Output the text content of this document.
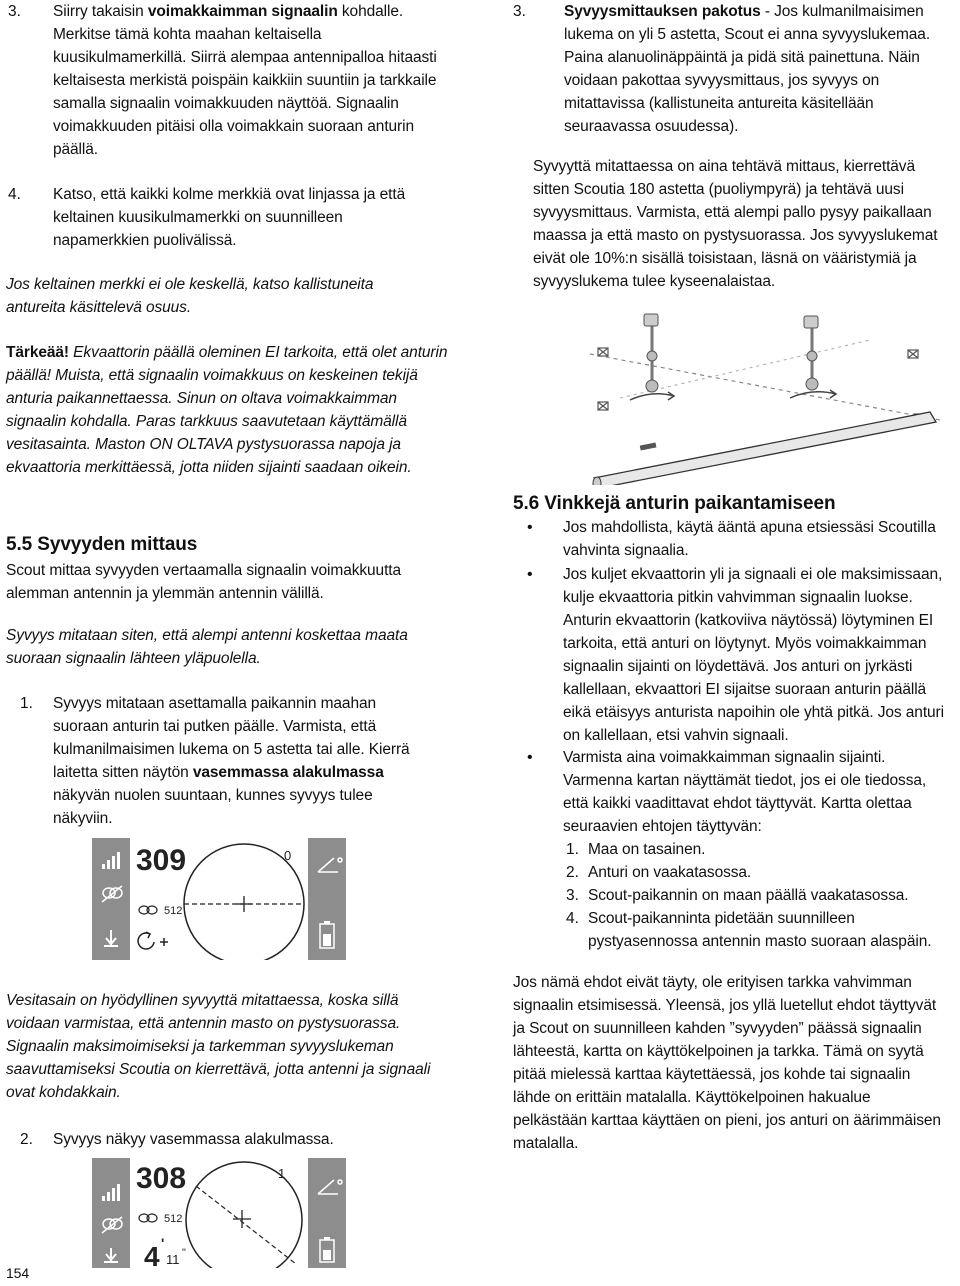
3. Siirry takaisin voimakkaimman signaalin kohdalle. Merkitse tämä kohta maahan keltaisella kuusikulmamerkillä. Siirrä alempaa antennipalloa hitaasti keltaisesta merkistä poispäin kaikkiin suuntiin ja tarkkaile samalla signaalin voimakkuuden näyttöä. Signaalin voimakkuuden pitäisi olla voimakkain suoraan anturin päällä.
4. Katso, että kaikki kolme merkkiä ovat linjassa ja että keltainen kuusikulmamerkki on suunnilleen napamerkkien puolivälissä.
Jos keltainen merkki ei ole keskellä, katso kallistuneita antureita käsittelevä osuus.
Tärkeää! Ekvaattorin päällä oleminen EI tarkoita, että olet anturin päällä! Muista, että signaalin voimakkuus on keskeinen tekijä anturia paikannettaessa. Sinun on oltava voimakkaimman signaalin kohdalla. Paras tarkkuus saavutetaan käyttämällä vesitasainta. Maston ON OLTAVA pystysuorassa napoja ja ekvaattoria merkittäessä, jotta niiden sijainti saadaan oikein.
5.5 Syvyyden mittaus
Scout mittaa syvyyden vertaamalla signaalin voimakkuutta alemman antennin ja ylemmän antennin välillä.
Syvyys mitataan siten, että alempi antenni koskettaa maata suoraan signaalin lähteen yläpuolella.
1. Syvyys mitataan asettamalla paikannin maahan suoraan anturin tai putken päälle. Varmista, että kulmanilmaisimen lukema on 5 astetta tai alle. Kierrä laitetta sitten näytön vasemmassa alakulmassa näkyvän nuolen suuntaan, kunnes syvyys tulee näkyviin.
309
512
0
Vesitasain on hyödyllinen syvyyttä mitattaessa, koska sillä voidaan varmistaa, että antennin masto on pystysuorassa. Signaalin maksimoimiseksi ja tarkemman syvyyslukeman saavuttamiseksi Scoutia on kierrettävä, jotta antenni ja signaali ovat kohdakkain.
2. Syvyys näkyy vasemmassa alakulmassa.
308
512
1
4 '
11 "
154
3. Syvyysmittauksen pakotus - Jos kulmanilmaisimen lukema on yli 5 astetta, Scout ei anna syvyyslukemaa. Paina alanuolinäppäintä ja pidä sitä painettuna. Näin voidaan pakottaa syvyysmittaus, jos syvyys on mitattavissa (kallistuneita antureita käsitellään seuraavassa osuudessa).
Syvyyttä mitattaessa on aina tehtävä mittaus, kierrettävä sitten Scoutia 180 astetta (puoliympyrä) ja tehtävä uusi syvyysmittaus. Varmista, että alempi pallo pysyy paikallaan maassa ja että masto on pystysuorassa. Jos syvyyslukemat eivät ole 10%:n sisällä toisistaan, läsnä on vääristymiä ja syvyyslukema tulee kyseenalaistaa.
5.6 Vinkkejä anturin paikantamiseen
• Jos mahdollista, käytä ääntä apuna etsiessäsi Scoutilla vahvinta signaalia.
• Jos kuljet ekvaattorin yli ja signaali ei ole maksimissaan, kulje ekvaattoria pitkin vahvimman signaalin luokse. Anturin ekvaattorin (katkoviiva näytössä) löytyminen EI tarkoita, että anturi on löytynyt. Myös voimakkaimman signaalin sijainti on löydettävä. Jos anturi on jyrkästi kallellaan, ekvaattori EI sijaitse suoraan anturin päällä eikä etäisyys anturista napoihin ole yhtä pitkä. Jos anturi on kallellaan, etsi vahvin signaali.
• Varmista aina voimakkaimman signaalin sijainti. Varmenna kartan näyttämät tiedot, jos ei ole tiedossa, että kaikki vaadittavat ehdot täyttyvät. Kartta olettaa seuraavien ehtojen täyttyvän:
1. Maa on tasainen.
2. Anturi on vaakatasossa.
3. Scout-paikannin on maan päällä vaakatasossa.
4. Scout-paikanninta pidetään suunnilleen pystyasennossa antennin masto suoraan alaspäin.
Jos nämä ehdot eivät täyty, ole erityisen tarkka vahvimman signaalin etsimisessä. Yleensä, jos yllä luetellut ehdot täyttyvät ja Scout on suunnilleen kahden ”syvyyden” päässä signaalin lähteestä, kartta on käyttökelpoinen ja tarkka. Tämä on syytä pitää mielessä karttaa käytettäessä, jos kohde tai signaalin lähde on erittäin matalalla. Käyttökelpoinen hakualue pelkästään karttaa käyttäen on pieni, jos anturi on äärimmäisen matalalla.
